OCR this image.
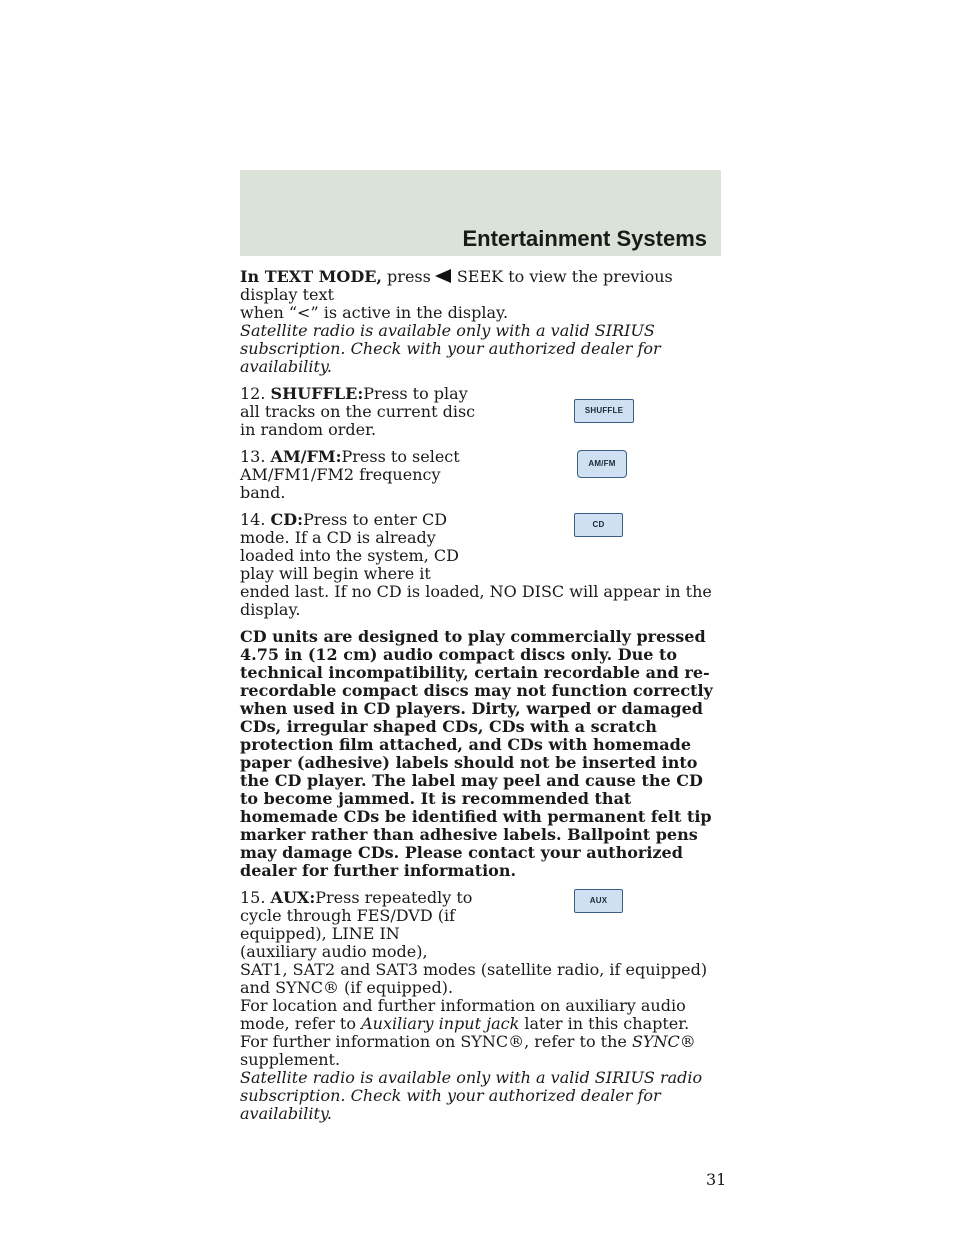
Entertainment Systems

In TEXT MODE, press SEEK to view the previous display text

when “<” is active in the display.

Satellite radio is available only with a valid SIRIUS subscription. Check with your authorized dealer for availability.

12. SHUFFLE:Press to play all tracks on the current disc in random order.
SHUFFLE
13. AM/FM:Press to select AM/FM1/FM2 frequency band.
AM/FM
14. CD:Press to enter CD mode. If a CD is already loaded into the system, CD play will begin where it

ended last. If no CD is loaded, NO DISC will appear in the display.

CD

CD units are designed to play commercially pressed 4.75 in (12 cm) audio compact discs only. Due to technical incompatibility, certain recordable and re-recordable compact discs may not function correctly when used in CD players. Dirty, warped or damaged CDs, irregular shaped CDs, CDs with a scratch protection film attached, and CDs with homemade paper (adhesive) labels should not be inserted into the CD player. The label may peel and cause the CD to become jammed. It is recommended that homemade CDs be identified with permanent felt tip marker rather than adhesive labels. Ballpoint pens may damage CDs. Please contact your authorized dealer for further information.

15. AUX:Press repeatedly to cycle through FES/DVD (if equipped), LINE IN (auxiliary audio mode),

SAT1, SAT2 and SAT3 modes (satellite radio, if equipped) and SYNC® (if equipped).

AUX

For location and further information on auxiliary audio mode, refer to Auxiliary input jack later in this chapter.

For further information on SYNC®, refer to the SYNC® supplement.

Satellite radio is available only with a valid SIRIUS radio subscription. Check with your authorized dealer for availability.

31
